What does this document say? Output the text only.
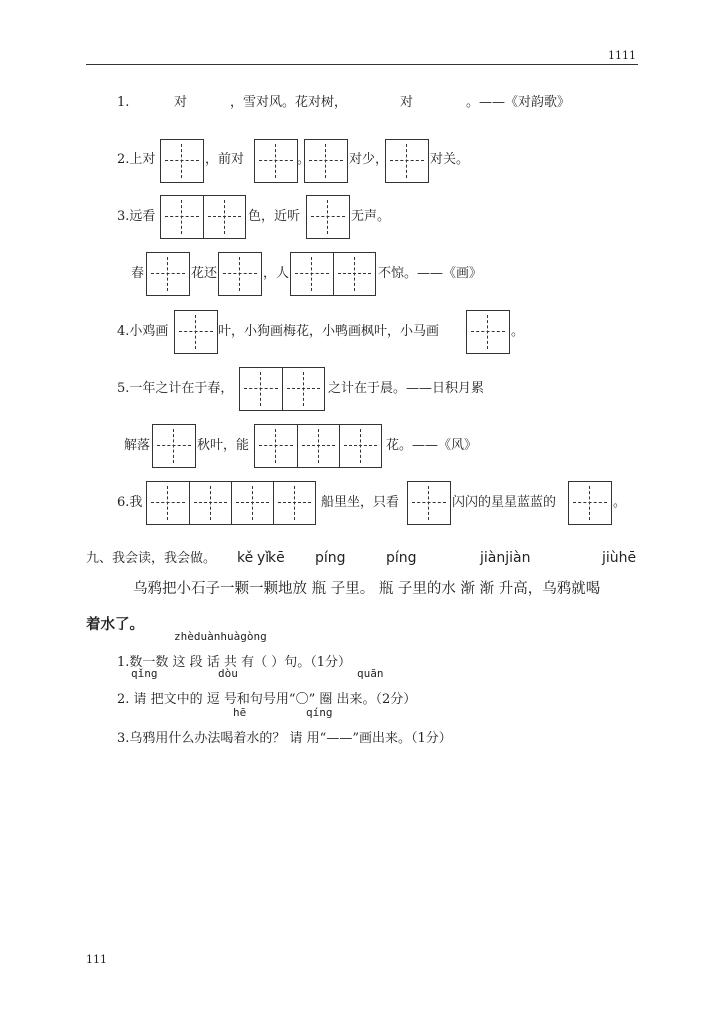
1111
1.	对	，雪对风。花对树，	对	。——《对韵歌》
2.上对	，前对	。	对少，	对关。
3.远看	色，近听	无声。
春	花还	，人	不惊。——《画》
4.小鸡画	叶，小狗画梅花，小鸭画枫叶，小马画	。
5.一年之计在于春，	之计在于晨。——日积月累
解落	秋叶，能	花。——《风》
6.我	船里坐，只看	闪闪的星星蓝蓝的	。
九、我会读，我会做。 kě yǐ
kē píng	píng	jiànjiàn	jiùhē
乌鸦把小石子一颗一颗地放 瓶 子里。 瓶 子里的水 渐 渐 升高，乌鸦就喝
着水了。
zhèduànhuàgòng
1.数一数 这 段 话 共 有（ ）句。（1分）
qǐng	dòu	quān
2. 请 把文中的 逗 号和句号用“〇” 圈 出来。（2分）
hē	qíng
3.乌鸦用什么办法喝着水的？ 请 用“——”画出来。（1分）
111
